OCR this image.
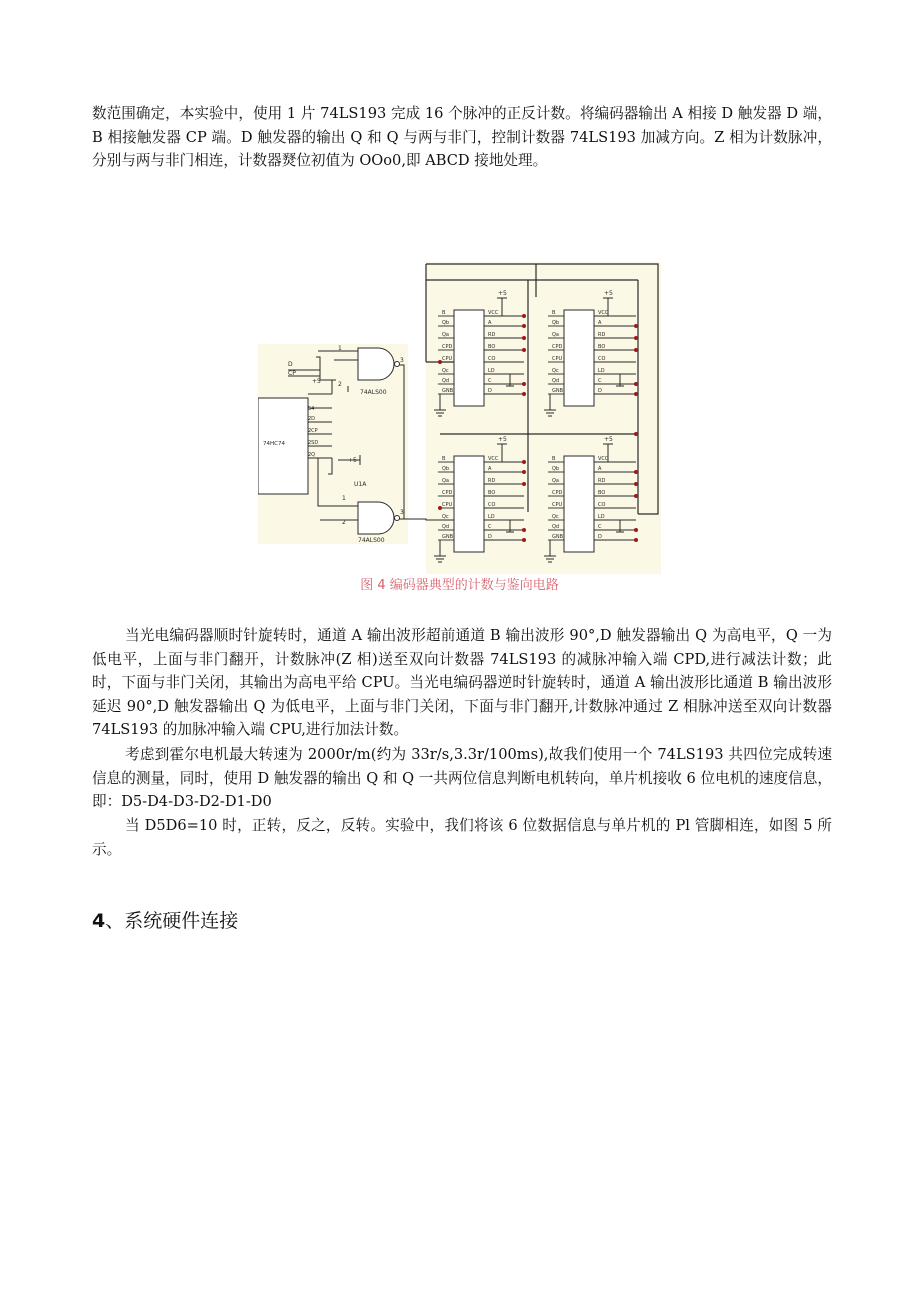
数范围确定，本实验中，使用 1 片 74LS193 完成 16 个脉冲的正反计数。将编码器输出 A 相接 D 触发器 D 端，B 相接触发器 CP 端。D 触发器的输出 Q 和 Q 与两与非门，控制计数器 74LS193 加减方向。Z 相为计数脉冲，分别与两与非门相连，计数器燹位初值为 OOo0,即 ABCD 接地处理。

+5	+5
+5	+5
B
Qb
Qa
CPD
CPU
Qc
Qd
GNB
VCC
A
RD
BO
CO
LD
C
D
B
Qb
Qa
CPD
CPU
Qc
Qd
GNB
VCC
A
RD
BO
CO
LD
C
D
B
Qb
Qa
CPD
CPU
Qc
Qd
GNB
VCC
A
RD
BO
CO
LD
C
D
B
Qb
Qa
CPD
CPU
Qc
Qd
GNB
VCC
A
RD
BO
CO
LD
C
D
74HC74
S4
2D
2CP
2SD
2Q
D
CP
1
2
3
74ALS00
+5
+5
U1A
1
2
3
74ALS00
图 4 编码器典型的计数与鉴向电路

当光电编码器顺时针旋转时，通道 A 输出波形超前通道 B 输出波形 90°,D 触发器输出 Q 为高电平，Q 一为低电平，上面与非门翻开，计数脉冲(Z 相)送至双向计数器 74LS193 的减脉冲输入端 CPD,进行减法计数；此时，下面与非门关闭，其输出为高电平给 CPU。当光电编码器逆时针旋转时，通道 A 输出波形比通道 B 输出波形延迟 90°,D 触发器输出 Q 为低电平，上面与非门关闭，下面与非门翻开,计数脉冲通过 Z 相脉冲送至双向计数器 74LS193 的加脉冲输入端 CPU,进行加法计数。

考虑到霍尔电机最大转速为 2000r/m(约为 33r/s,3.3r/100ms),故我们使用一个 74LS193 共四位完成转速信息的测量，同时，使用 D 触发器的输出 Q 和 Q 一共两位信息判断电机转向，单片机接收 6 位电机的速度信息，即：D5-D4-D3-D2-D1-D0

当 D5D6=10 时，正转，反之，反转。实验中，我们将该 6 位数据信息与单片机的 Pl 管脚相连，如图 5 所示。

4、系统硬件连接
